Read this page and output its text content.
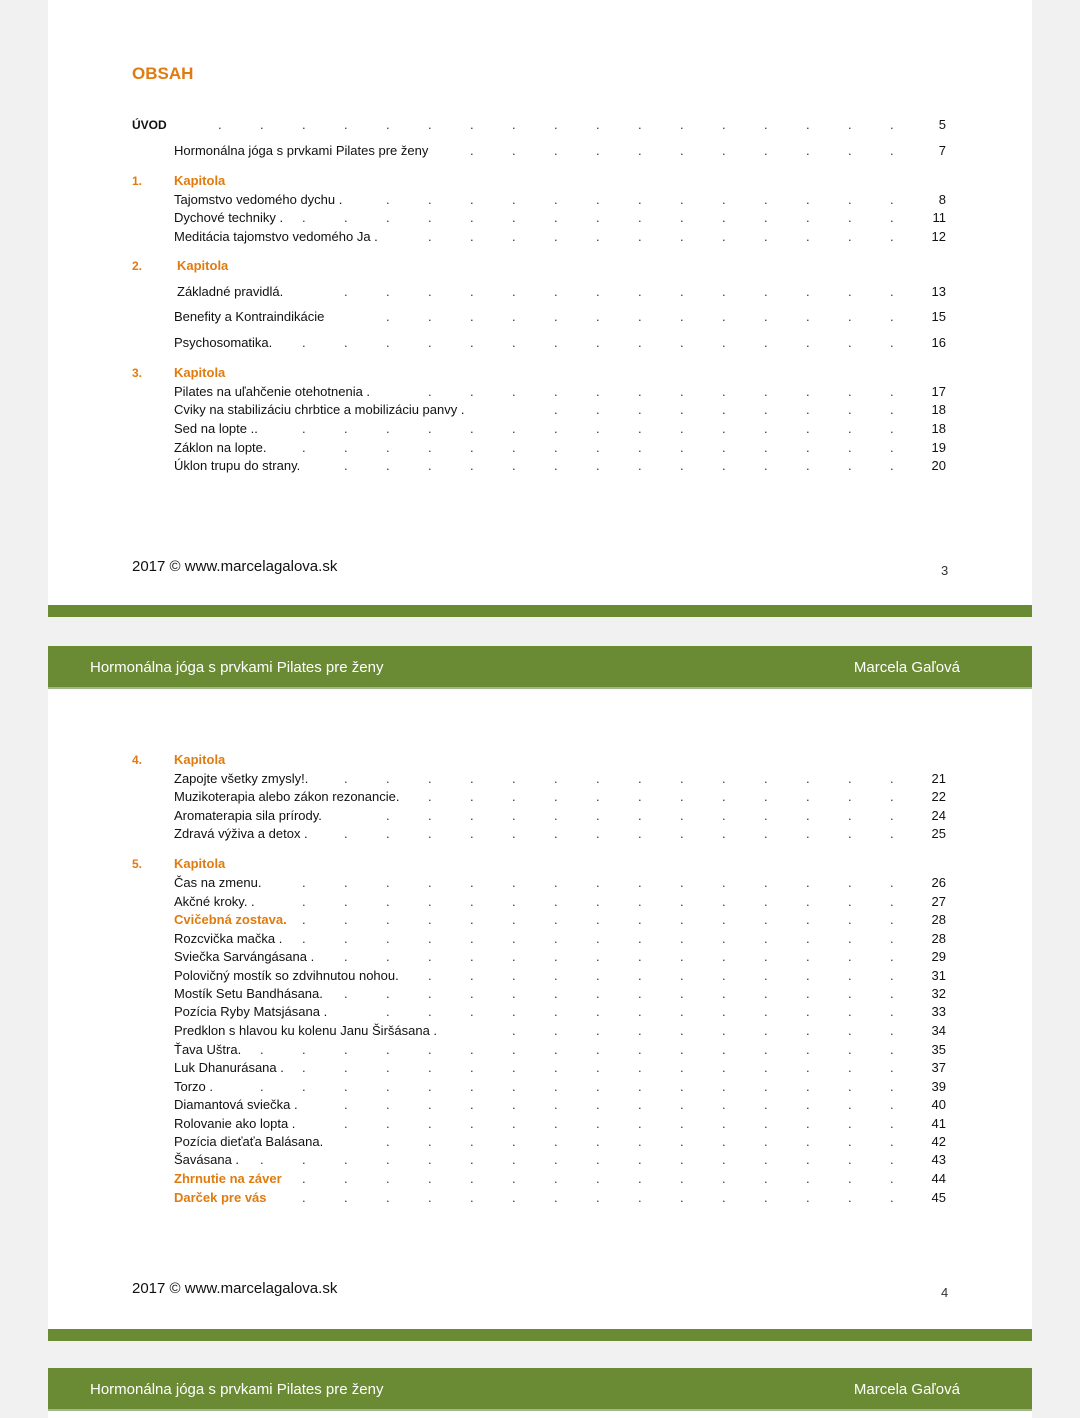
OBSAH
ÚVOD	.	.	.	.	.	.	.	.	.	.	.	.	.	.	.	.	.	5
Hormonálna jóga s prvkami Pilates pre ženy	.	.	.	.	.	.	.	.	.	.	.	7
1. Kapitola
Tajomstvo vedomého dychu .	.	.	.	.	.	.	.	.	.	.	.	.	.	8
Dychové techniky . .	.	.	.	.	.	.	.	.	.	.	.	.	.	.	11
Meditácia tajomstvo vedomého Ja .	.	.	.	.	.	.	.	.	.	.	.	.	12
2.	Kapitola
Základné pravidlá.	.	.	.	.	.	.	.	.	.	.	.	.	.	.	13
Benefity a Kontraindikácie	.	.	.	.	.	.	.	.	.	.	.	.	.	15
Psychosomatika. .	.	.	.	.	.	.	.	.	.	.	.	.	.	.	16
3. Kapitola
Pilates na uľahčenie otehotnenia .	.	.	.	.	.	.	.	.	.	.	.	.	17
Cviky na stabilizáciu chrbtice a mobilizáciu panvy .	.	.	.	.	.	.	.	.	.	18
Sed na lopte ..	.	.	.	.	.	.	.	.	.	.	.	.	.	.	.	18
Záklon na lopte.	.	.	.	.	.	.	.	.	.	.	.	.	.	.	.	19
Úklon trupu do strany.	.	.	.	.	.	.	.	.	.	.	.	.	.	.	20
2017 © www.marcelagalova.sk	3
Hormonálna jóga s prvkami Pilates pre ženy	Marcela Gaľová
4. Kapitola
Zapojte všetky zmysly!.	.	.	.	.	.	.	.	.	.	.	.	.	.	.	21
Muzikoterapia alebo zákon rezonancie. .	.	.	.	.	.	.	.	.	.	.	.	22
Aromaterapia sila prírody.	.	.	.	.	.	.	.	.	.	.	.	.	.	24
Zdravá výživa a detox .	.	.	.	.	.	.	.	.	.	.	.	.	.	.	25
5. Kapitola
Čas na zmenu.	.	.	.	.	.	.	.	.	.	.	.	.	.	.	.	26
Akčné kroky. .	.	.	.	.	.	.	.	.	.	.	.	.	.	.	.	27
Cvičebná zostava. .	.	.	.	.	.	.	.	.	.	.	.	.	.	.	28
Rozcvička mačka . .	.	.	.	.	.	.	.	.	.	.	.	.	.	.	28
Sviečka Sarvángásana . .	.	.	.	.	.	.	.	.	.	.	.	.	.	29
Polovičný mostík so zdvihnutou nohou. .	.	.	.	.	.	.	.	.	.	.	.	31
Mostík Setu Bandhásana. .	.	.	.	.	.	.	.	.	.	.	.	.	.	32
Pozícia Ryby Matsjásana .	.	.	.	.	.	.	.	.	.	.	.	.	.	33
Predklon s hlavou ku kolenu Janu Širšásana .	.	.	.	.	.	.	.	.	.	.	34
Ťava Uštra. .	.	.	.	.	.	.	.	.	.	.	.	.	.	.	.	35
Luk Dhanurásana . .	.	.	.	.	.	.	.	.	.	.	.	.	.	.	37
Torzo .	.	.	.	.	.	.	.	.	.	.	.	.	.	.	.	.	39
Diamantová sviečka .	.	.	.	.	.	.	.	.	.	.	.	.	.	.	40
Rolovanie ako lopta .	.	.	.	.	.	.	.	.	.	.	.	.	.	.	41
Pozícia dieťaťa Balásana.	.	.	.	.	.	.	.	.	.	.	.	.	.	42
Šavásana . .	.	.	.	.	.	.	.	.	.	.	.	.	.	.	.	43
Zhrnutie na záver .	.	.	.	.	.	.	.	.	.	.	.	.	.	.	44
Darček pre vás	.	.	.	.	.	.	.	.	.	.	.	.	.	.	.	45
2017 © www.marcelagalova.sk	4
Hormonálna jóga s prvkami Pilates pre ženy	Marcela Gaľová
